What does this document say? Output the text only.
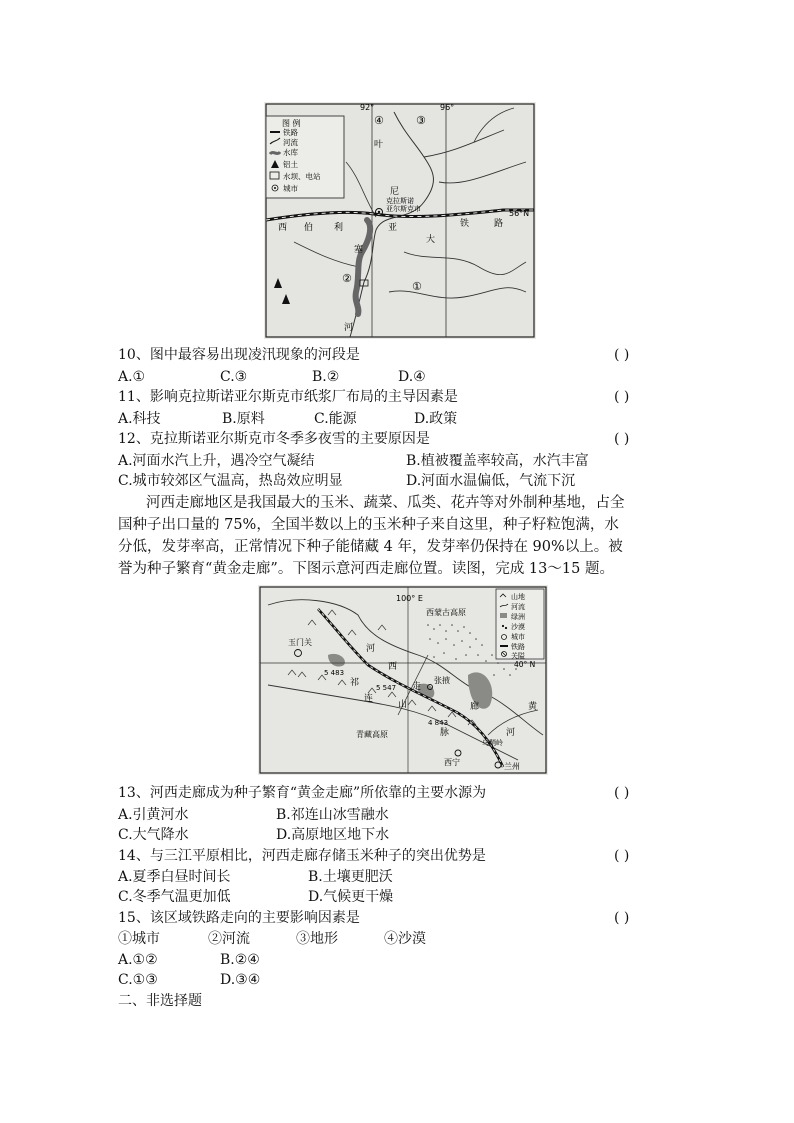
92°	96°
56°N
图 例
铁路
河流
水库
铝土
水坝、电站
城市
叶
尼
塞
河
克拉斯诺
亚尔斯克市
西 伯 利	亚
大
铁	路
①
②
③
④
10、图中最容易出现凌汛现象的河段是	( )
A.①	C.③	B.②	D.④
11、影响克拉斯诺亚尔斯克市纸浆厂布局的主导因素是	( )
A.科技	B.原料	C.能源	D.政策
12、克拉斯诺亚尔斯克市冬季多夜雪的主要原因是	( )
A.河面水汽上升，遇冷空气凝结	B.植被覆盖率较高，水汽丰富
C.城市较郊区气温高，热岛效应明显	D.河面水温偏低，气流下沉
河西走廊地区是我国最大的玉米、蔬菜、瓜类、花卉等对外制种基地，占全
国种子出口量的 75%，全国半数以上的玉米种子来自这里，种子籽粒饱满，水
分低，发芽率高，正常情况下种子能储藏 4 年，发芽率仍保持在 90%以上。被
誉为种子繁育“黄金走廊”。下图示意河西走廊位置。读图，完成 13～15 题。
100° E
40° N
山地
河流
绿洲
沙漠
城市
铁路
关隘
玉门关
西蒙古高原
青藏高原
张掖
西宁	兰州
乌鞘岭
5 483
5 547
4 843
祁
连
山
脉
河
西
走
廊	黄
河
13、河西走廊成为种子繁育“黄金走廊”所依靠的主要水源为	( )
A.引黄河水	B.祁连山冰雪融水
C.大气降水	D.高原地区地下水
14、与三江平原相比，河西走廊存储玉米种子的突出优势是	( )
A.夏季白昼时间长	B.土壤更肥沃
C.冬季气温更加低	D.气候更干燥
15、该区域铁路走向的主要影响因素是	( )
①城市	②河流	③地形	④沙漠
A.①②	B.②④
C.①③	D.③④
二、非选择题
